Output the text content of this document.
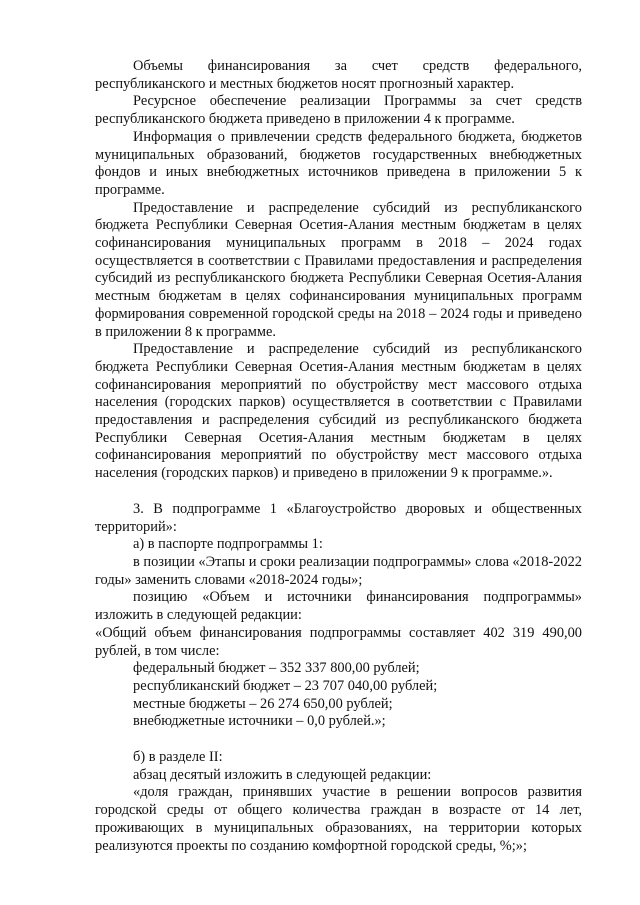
Объемы финансирования за счет средств федерального, республиканского и местных бюджетов носят прогнозный характер.

Ресурсное обеспечение реализации Программы за счет средств республиканского бюджета приведено в приложении 4 к программе.

Информация о привлечении средств федерального бюджета, бюджетов муниципальных образований, бюджетов государственных внебюджетных фондов и иных внебюджетных источников приведена в приложении 5 к программе.

Предоставление и распределение субсидий из республиканского бюджета Республики Северная Осетия-Алания местным бюджетам в целях софинансирования муниципальных программ в 2018 – 2024 годах осуществляется в соответствии с Правилами предоставления и распределения субсидий из республиканского бюджета Республики Северная Осетия-Алания местным бюджетам в целях софинансирования муниципальных программ формирования современной городской среды на 2018 – 2024 годы и приведено в приложении 8 к программе.

Предоставление и распределение субсидий из республиканского бюджета Республики Северная Осетия-Алания местным бюджетам в целях софинансирования мероприятий по обустройству мест массового отдыха населения (городских парков) осуществляется в соответствии с Правилами предоставления и распределения субсидий из республиканского бюджета Республики Северная Осетия-Алания местным бюджетам в целях софинансирования мероприятий по обустройству мест массового отдыха населения (городских парков) и приведено в приложении 9 к программе.».

3. В подпрограмме 1 «Благоустройство дворовых и общественных территорий»:

а) в паспорте подпрограммы 1:

в позиции «Этапы и сроки реализации подпрограммы» слова «2018-2022 годы» заменить словами «2018-2024 годы»;

позицию «Объем и источники финансирования подпрограммы» изложить в следующей редакции:

«Общий объем финансирования подпрограммы составляет 402 319 490,00 рублей, в том числе:

федеральный бюджет – 352 337 800,00 рублей;

республиканский бюджет – 23 707 040,00 рублей;

местные бюджеты – 26 274 650,00 рублей;

внебюджетные источники – 0,0 рублей.»;

б) в разделе II:

абзац десятый изложить в следующей редакции:

«доля граждан, принявших участие в решении вопросов развития городской среды от общего количества граждан в возрасте от 14 лет, проживающих в муниципальных образованиях, на территории которых реализуются проекты по созданию комфортной городской среды, %;»;
